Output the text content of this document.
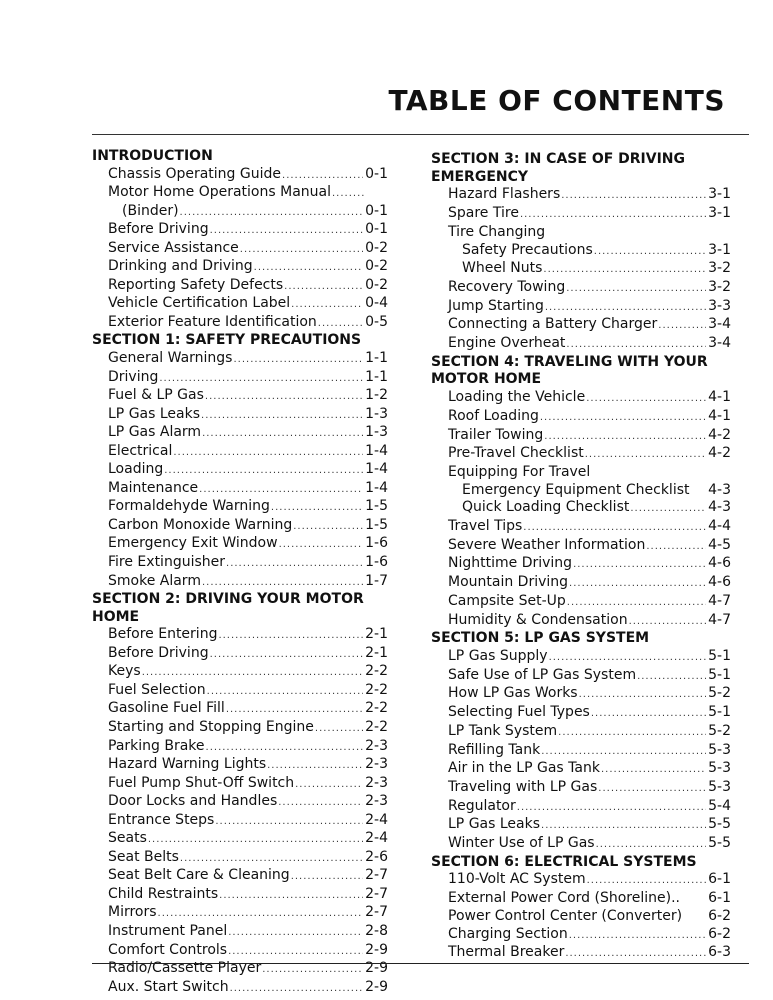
TABLE OF CONTENTS
INTRODUCTION
Chassis Operating Guide .....	0-1
Motor Home Operations Manual
.....
(Binder) .....	0-1
Before Driving .....	0-1
Service Assistance .....	0-2
Drinking and Driving .....	0-2
Reporting Safety Defects .....	0-2
Vehicle Certification Label .....	0-4
Exterior Feature Identification .....	0-5
SECTION 1: SAFETY PRECAUTIONS
General Warnings .....	1-1
Driving .....	1-1
Fuel & LP Gas .....	1-2
LP Gas Leaks .....	1-3
LP Gas Alarm .....	1-3
Electrical .....	1-4
Loading .....	1-4
Maintenance .....	1-4
Formaldehyde Warning .....	1-5
Carbon Monoxide Warning .....	1-5
Emergency Exit Window .....	1-6
Fire Extinguisher .....	1-6
Smoke Alarm .....	1-7
SECTION 2: DRIVING YOUR MOTOR
HOME
Before Entering .....	2-1
Before Driving .....	2-1
Keys .....	2-2
Fuel Selection .....	2-2
Gasoline Fuel Fill .....	2-2
Starting and Stopping Engine .....	2-2
Parking Brake .....	2-3
Hazard Warning Lights .....	2-3
Fuel Pump Shut-Off Switch .....	2-3
Door Locks and Handles .....	2-3
Entrance Steps .....	2-4
Seats .....	2-4
Seat Belts .....	2-6
Seat Belt Care & Cleaning .....	2-7
Child Restraints .....	2-7
Mirrors .....	2-7
Instrument Panel .....	2-8
Comfort Controls .....	2-9
Radio/Cassette Player .....	2-9
Aux. Start Switch .....	2-9
SECTION 3: IN CASE OF DRIVING
EMERGENCY
Hazard Flashers .....	3-1
Spare Tire .....	3-1
Tire Changing
Safety Precautions .....	3-1
Wheel Nuts .....	3-2
Recovery Towing .....	3-2
Jump Starting .....	3-3
Connecting a Battery Charger .....	3-4
Engine Overheat .....	3-4
SECTION 4: TRAVELING WITH YOUR
MOTOR HOME
Loading the Vehicle .....	4-1
Roof Loading .....	4-1
Trailer Towing .....	4-2
Pre-Travel Checklist .....	4-2
Equipping For Travel
Emergency Equipment Checklist 4-3
Quick Loading Checklist .....	4-3
Travel Tips .....	4-4
Severe Weather Information .....	4-5
Nighttime Driving .....	4-6
Mountain Driving .....	4-6
Campsite Set-Up .....	4-7
Humidity & Condensation .....	4-7
SECTION 5: LP GAS SYSTEM
LP Gas Supply .....	5-1
Safe Use of LP Gas System .....	5-1
How LP Gas Works .....	5-2
Selecting Fuel Types .....	5-1
LP Tank System .....	5-2
Refilling Tank .....	5-3
Air in the LP Gas Tank .....	5-3
Traveling with LP Gas .....	5-3
Regulator .....	5-4
LP Gas Leaks .....	5-5
Winter Use of LP Gas .....	5-5
SECTION 6: ELECTRICAL SYSTEMS
110-Volt AC System .....	6-1
External Power Cord (Shoreline).. 6-1
Power Control Center (Converter) 6-2
Charging Section .....	6-2
Thermal Breaker .....	6-3
